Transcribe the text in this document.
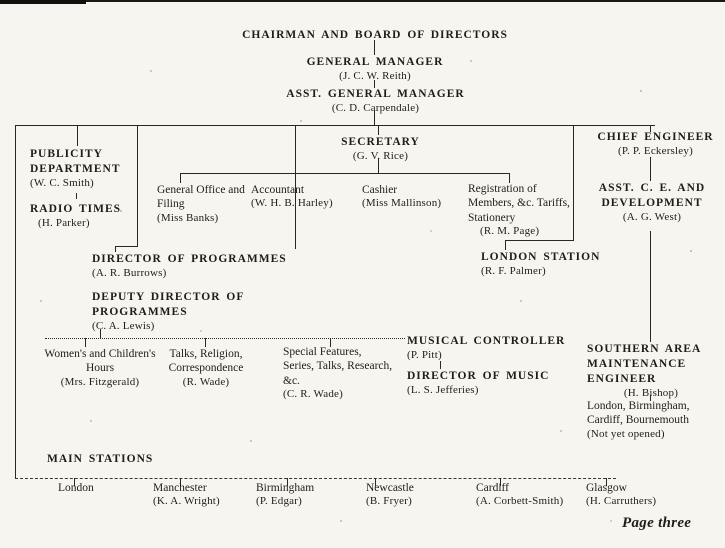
CHAIRMAN AND BOARD OF DIRECTORS
GENERAL MANAGER
(J. C. W. Reith)
ASST. GENERAL MANAGER
(C. D. Carpendale)
SECRETARY
(G. V. Rice)
CHIEF ENGINEER
(P. P. Eckersley)
PUBLICITY DEPARTMENT
(W. C. Smith)
RADIO TIMES
(H. Parker)
General Office and Filing
(Miss Banks)
Accountant
(W. H. B. Harley)
Cashier
(Miss Mallinson)
Registration of Members, &c. Tariffs, Stationery
(R. M. Page)
ASST. C. E. AND DEVELOPMENT
(A. G. West)
DIRECTOR OF PROGRAMMES
(A. R. Burrows)
LONDON STATION
(R. F. Palmer)
DEPUTY DIRECTOR OF PROGRAMMES
(C. A. Lewis)
Women's and Children's Hours
(Mrs. Fitzgerald)
Talks, Religion, Correspondence
(R. Wade)
Special Features, Series, Talks, Research, &c.
(C. R. Wade)
MUSICAL CONTROLLER
(P. Pitt)
DIRECTOR OF MUSIC
(L. S. Jefferies)
SOUTHERN AREA MAINTENANCE ENGINEER
(H. Bishop)
London, Birmingham, Cardiff, Bournemouth
(Not yet opened)
MAIN STATIONS
London	Manchester
(K. A. Wright)
Birmingham
(P. Edgar)
Newcastle
(B. Fryer)
Cardiff
(A. Corbett-Smith)
Glasgow
(H. Carruthers)
Page three
